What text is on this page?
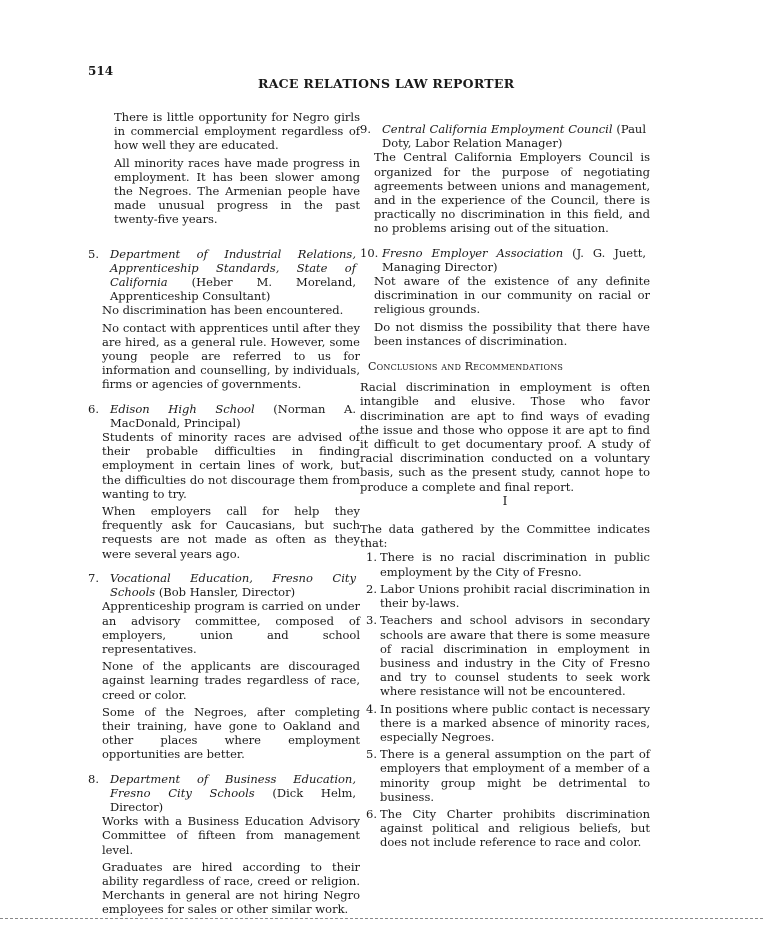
514
RACE RELATIONS LAW REPORTER

There is little opportunity for Negro girls in commercial employment regardless of how well they are educated.

All minority races have made progress in employment. It has been slower among the Negroes. The Armenian people have made unusual progress in the past twenty-five years.

5. Department of Industrial Relations, Apprenticeship Standards, State of California (Heber M. Moreland, Apprenticeship Consultant)

No discrimination has been encountered.

No contact with apprentices until after they are hired, as a general rule. However, some young people are referred to us for information and counselling, by individuals, firms or agencies of governments.

6. Edison High School (Norman A. MacDonald, Principal)

Students of minority races are advised of their probable difficulties in finding employment in certain lines of work, but the difficulties do not discourage them from wanting to try.

When employers call for help they frequently ask for Caucasians, but such requests are not made as often as they were several years ago.

7. Vocational Education, Fresno City Schools (Bob Hansler, Director)

Apprenticeship program is carried on under an advisory committee, composed of employers, union and school representatives.

None of the applicants are discouraged against learning trades regardless of race, creed or color.

Some of the Negroes, after completing their training, have gone to Oakland and other places where employment opportunities are better.

8. Department of Business Education, Fresno City Schools (Dick Helm, Director)

Works with a Business Education Advisory Committee of fifteen from management level.

Graduates are hired according to their ability regardless of race, creed or religion. Merchants in general are not hiring Negro employees for sales or other similar work.

9. Central California Employment Council (Paul Doty, Labor Relation Manager)

The Central California Employers Council is organized for the purpose of negotiating agreements between unions and management, and in the experience of the Council, there is practically no discrimination in this field, and no problems arising out of the situation.

10. Fresno Employer Association (J. G. Juett, Managing Director)

Not aware of the existence of any definite discrimination in our community on racial or religious grounds.

Do not dismiss the possibility that there have been instances of discrimination.

Conclusions and Recommendations

Racial discrimination in employment is often intangible and elusive. Those who favor discrimination are apt to find ways of evading the issue and those who oppose it are apt to find it difficult to get documentary proof. A study of racial discrimination conducted on a voluntary basis, such as the present study, cannot hope to produce a complete and final report.

I

The data gathered by the Committee indicates that:

1. There is no racial discrimination in public employment by the City of Fresno.
2. Labor Unions prohibit racial discrimination in their by-laws.
3. Teachers and school advisors in secondary schools are aware that there is some measure of racial discrimination in employment in business and industry in the City of Fresno and try to counsel students to seek work where resistance will not be encountered.
4. In positions where public contact is necessary there is a marked absence of minority races, especially Negroes.
5. There is a general assumption on the part of employers that employment of a member of a minority group might be detrimental to business.
6. The City Charter prohibits discrimination against political and religious beliefs, but does not include reference to race and color.
